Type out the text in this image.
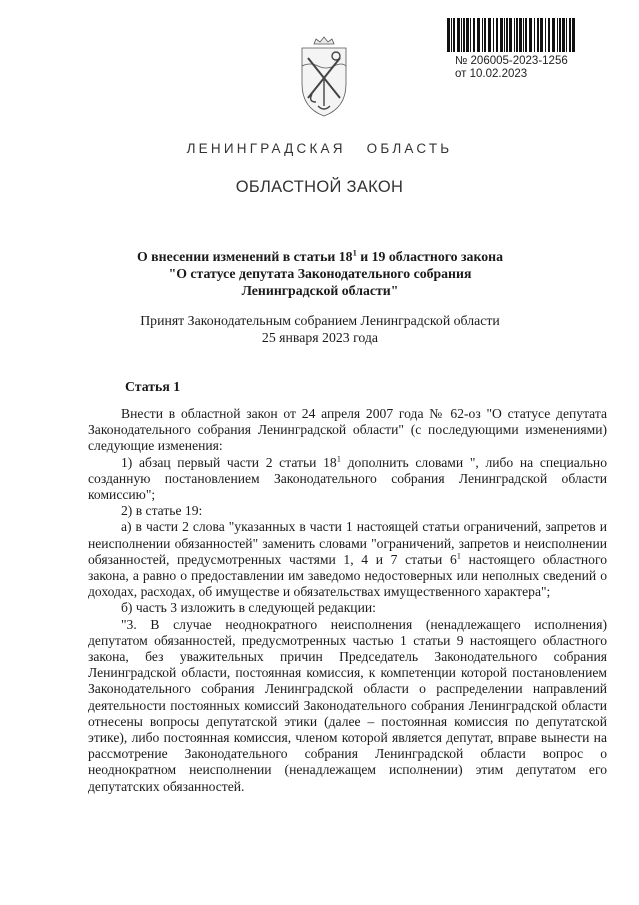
№ 206005-2023-1256
от 10.02.2023
ЛЕНИНГРАДСКАЯ ОБЛАСТЬ
ОБЛАСТНОЙ ЗАКОН
О внесении изменений в статьи $18^1$ и 19 областного закона
"О статусе депутата Законодательного собрания
Ленинградской области"
Принят Законодательным собранием Ленинградской области
25 января 2023 года
Статья 1

Внести в областной закон от 24 апреля 2007 года № 62-оз "О статусе депутата Законодательного собрания Ленинградской области" (с последующими изменениями) следующие изменения:

1) абзац первый части 2 статьи $18^1$ дополнить словами ", либо на специально созданную постановлением Законодательного собрания Ленинградской области комиссию";

2) в статье 19:

а) в части 2 слова "указанных в части 1 настоящей статьи ограничений, запретов и неисполнении обязанностей" заменить словами "ограничений, запретов и неисполнении обязанностей, предусмотренных частями 1, 4 и 7 статьи $6^1$ настоящего областного закона, а равно о предоставлении им заведомо недостоверных или неполных сведений о доходах, расходах, об имуществе и обязательствах имущественного характера";

б) часть 3 изложить в следующей редакции:

"3. В случае неоднократного неисполнения (ненадлежащего исполнения) депутатом обязанностей, предусмотренных частью 1 статьи 9 настоящего областного закона, без уважительных причин Председатель Законодательного собрания Ленинградской области, постоянная комиссия, к компетенции которой постановлением Законодательного собрания Ленинградской области о распределении направлений деятельности постоянных комиссий Законодательного собрания Ленинградской области отнесены вопросы депутатской этики (далее – постоянная комиссия по депутатской этике), либо постоянная комиссия, членом которой является депутат, вправе вынести на рассмотрение Законодательного собрания Ленинградской области вопрос о неоднократном неисполнении (ненадлежащем исполнении) этим депутатом его депутатских обязанностей.
